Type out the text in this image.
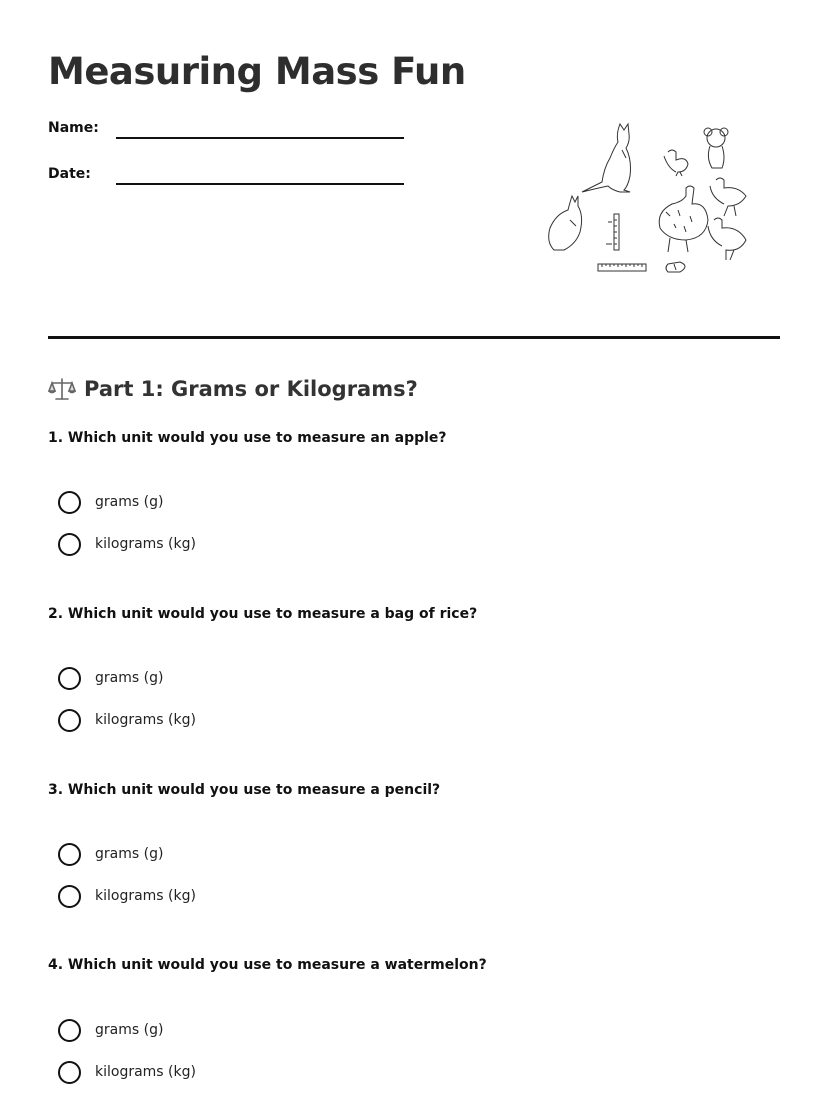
Measuring Mass Fun
Name:
Date:
Part 1: Grams or Kilograms?

1. Which unit would you use to measure an apple?

grams (g)
kilograms (kg)

2. Which unit would you use to measure a bag of rice?

grams (g)
kilograms (kg)

3. Which unit would you use to measure a pencil?

grams (g)
kilograms (kg)

4. Which unit would you use to measure a watermelon?

grams (g)
kilograms (kg)
